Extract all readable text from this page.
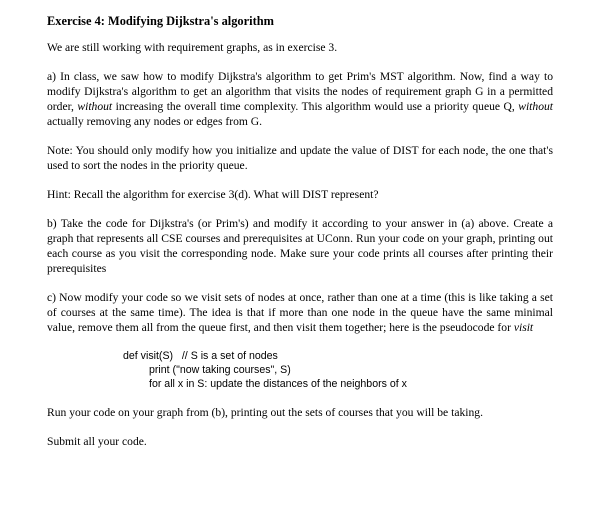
Exercise 4: Modifying Dijkstra's algorithm

We are still working with requirement graphs, as in exercise 3.

a) In class, we saw how to modify Dijkstra's algorithm to get Prim's MST algorithm. Now, find a way to modify Dijkstra's algorithm to get an algorithm that visits the nodes of requirement graph G in a permitted order, without increasing the overall time complexity. This algorithm would use a priority queue Q, without actually removing any nodes or edges from G.

Note: You should only modify how you initialize and update the value of DIST for each node, the one that's used to sort the nodes in the priority queue.

Hint: Recall the algorithm for exercise 3(d). What will DIST represent?

b) Take the code for Dijkstra's (or Prim's) and modify it according to your answer in (a) above. Create a graph that represents all CSE courses and prerequisites at UConn. Run your code on your graph, printing out each course as you visit the corresponding node. Make sure your code prints all courses after printing their prerequisites

c) Now modify your code so we visit sets of nodes at once, rather than one at a time (this is like taking a set of courses at the same time). The idea is that if more than one node in the queue have the same minimal value, remove them all from the queue first, and then visit them together; here is the pseudocode for visit

def visit(S)   // S is a set of nodes
print ("now taking courses", S)
for all x in S: update the distances of the neighbors of x

Run your code on your graph from (b), printing out the sets of courses that you will be taking.

Submit all your code.
